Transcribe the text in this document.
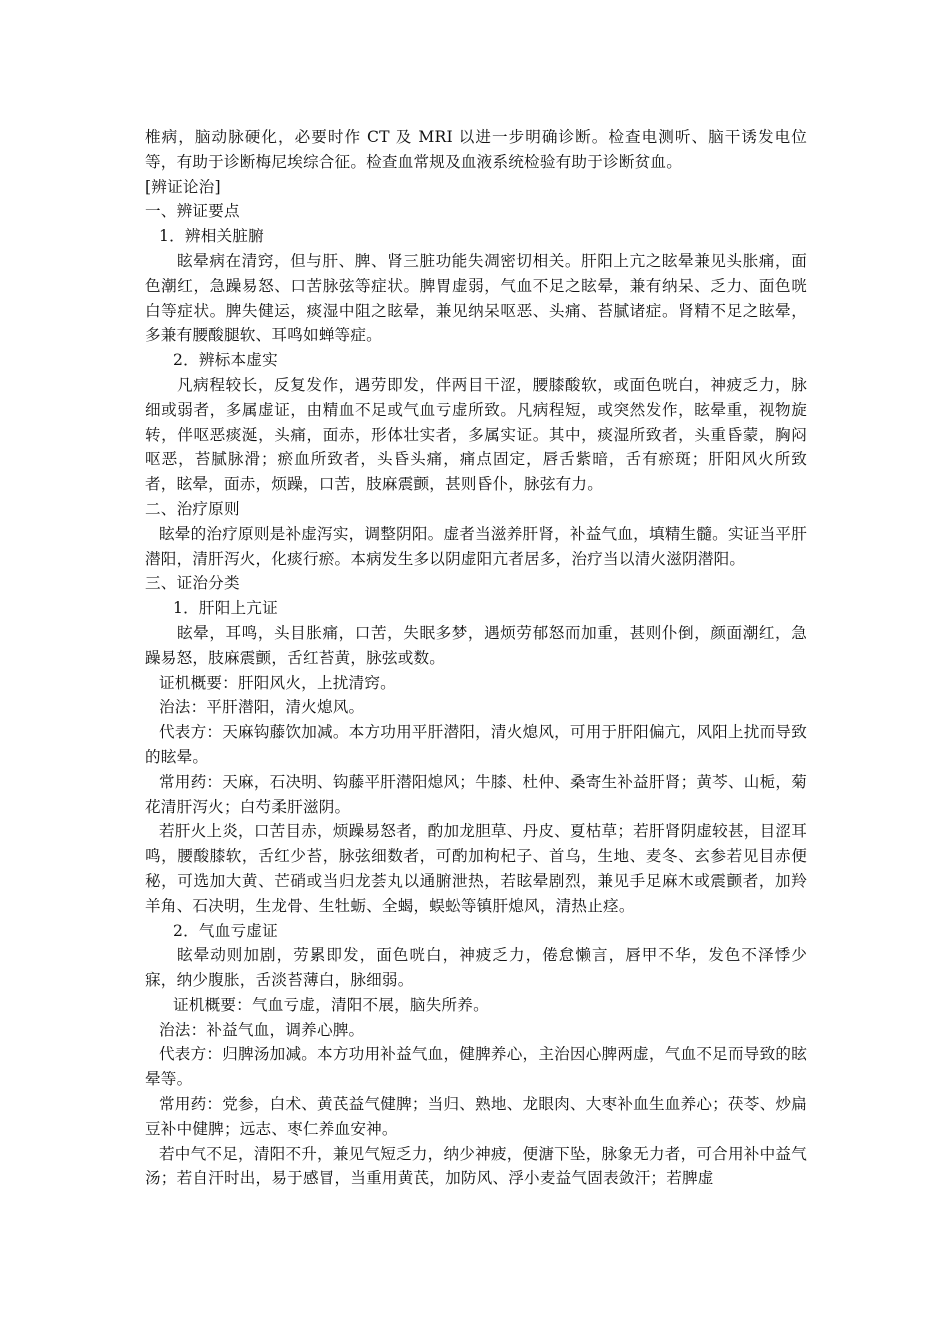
椎病，脑动脉硬化，必要时作 CT 及 MRI 以进一步明确诊断。检查电测听、脑干诱发电位等，有助于诊断梅尼埃综合征。检查血常规及血液系统检验有助于诊断贫血。

[辨证论治]

一、辨证要点

1．辨相关脏腑

眩晕病在清窍，但与肝、脾、肾三脏功能失凋密切相关。肝阳上亢之眩晕兼见头胀痛，面色潮红，急躁易怒、口苦脉弦等症状。脾胃虚弱，气血不足之眩晕，兼有纳呆、乏力、面色咣白等症状。脾失健运，痰湿中阻之眩晕，兼见纳呆呕恶、头痛、苔腻诸症。肾精不足之眩晕，多兼有腰酸腿软、耳鸣如蝉等症。

2．辨标本虚实

凡病程较长，反复发作，遇劳即发，伴两目干涩，腰膝酸软，或面色咣白，神疲乏力，脉细或弱者，多属虚证，由精血不足或气血亏虚所致。凡病程短，或突然发作，眩晕重，视物旋转，伴呕恶痰涎，头痛，面赤，形体壮实者，多属实证。其中，痰湿所致者，头重昏蒙，胸闷呕恶，苔腻脉滑；瘀血所致者，头昏头痛，痛点固定，唇舌紫暗，舌有瘀斑；肝阳风火所致者，眩晕，面赤，烦躁，口苦，肢麻震颤，甚则昏仆，脉弦有力。

二、治疗原则

眩晕的治疗原则是补虚泻实，调整阴阳。虚者当滋养肝肾，补益气血，填精生髓。实证当平肝潜阳，清肝泻火，化痰行瘀。本病发生多以阴虚阳亢者居多，治疗当以清火滋阴潜阳。

三、证治分类

1．肝阳上亢证

眩晕，耳鸣，头目胀痛，口苦，失眠多梦，遇烦劳郁怒而加重，甚则仆倒，颜面潮红，急躁易怒，肢麻震颤，舌红苔黄，脉弦或数。

证机概要：肝阳风火，上扰清窍。

治法：平肝潜阳，清火熄风。

代表方：天麻钩藤饮加减。本方功用平肝潜阳，清火熄风，可用于肝阳偏亢，风阳上扰而导致的眩晕。

常用药：天麻，石决明、钩藤平肝潜阳熄风；牛膝、杜仲、桑寄生补益肝肾；黄芩、山栀，菊花清肝泻火；白芍柔肝滋阴。

若肝火上炎，口苦目赤，烦躁易怒者，酌加龙胆草、丹皮、夏枯草；若肝肾阴虚较甚，目涩耳鸣，腰酸膝软，舌红少苔，脉弦细数者，可酌加枸杞子、首乌，生地、麦冬、玄参若见目赤便秘，可选加大黄、芒硝或当归龙荟丸以通腑泄热，若眩晕剧烈，兼见手足麻木或震颤者，加羚羊角、石决明，生龙骨、生牡蛎、全蝎，蜈蚣等镇肝熄风，清热止痉。

2．气血亏虚证

眩晕动则加剧，劳累即发，面色咣白，神疲乏力，倦怠懒言，唇甲不华，发色不泽悸少寐，纳少腹胀，舌淡苔薄白，脉细弱。

证机概要：气血亏虚，清阳不展，脑失所养。

治法：补益气血，调养心脾。

代表方：归脾汤加减。本方功用补益气血，健脾养心，主治因心脾两虚，气血不足而导致的眩晕等。

常用药：党参，白术、黄芪益气健脾；当归、熟地、龙眼肉、大枣补血生血养心；茯苓、炒扁豆补中健脾；远志、枣仁养血安神。

若中气不足，清阳不升，兼见气短乏力，纳少神疲，便溏下坠，脉象无力者，可合用补中益气汤；若自汗时出，易于感冒，当重用黄芪，加防风、浮小麦益气固表敛汗；若脾虚
